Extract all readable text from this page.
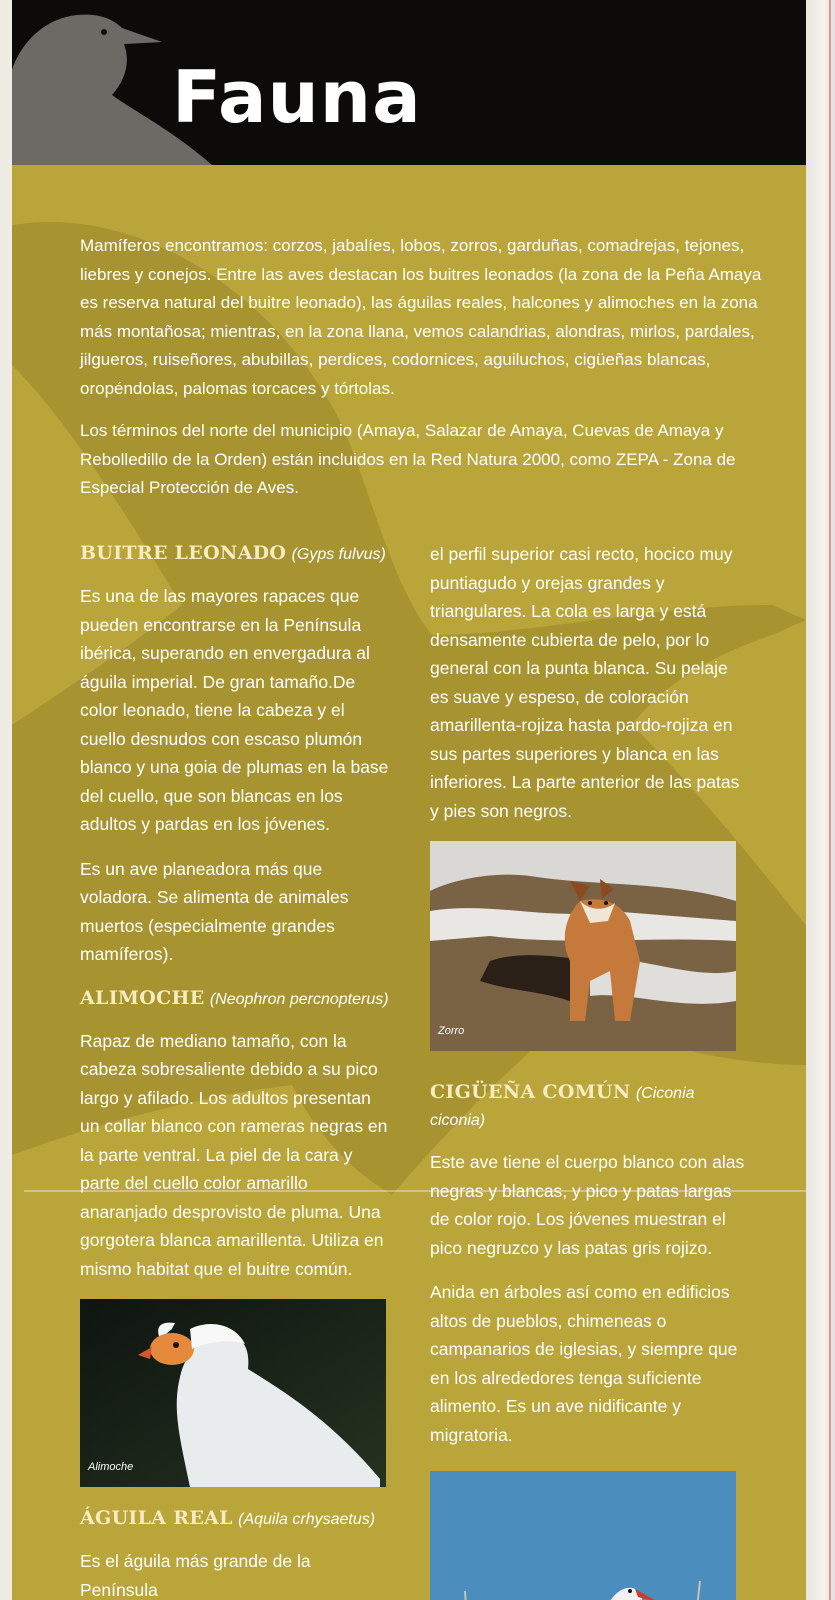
Fauna

Mamíferos encontramos: corzos, jabalíes, lobos, zorros, garduñas, comadrejas, tejones, liebres y conejos. Entre las aves destacan los buitres leonados (la zona de la Peña Amaya es reserva natural del buitre leonado), las águilas reales, halcones y alimoches en la zona más montañosa; mientras, en la zona llana, vemos calandrias, alondras, mirlos, pardales, jilgueros, ruiseñores, abubillas, perdices, codornices, aguiluchos, cigüeñas blancas, oropéndolas, palomas torcaces y tórtolas.

Los términos del norte del municipio (Amaya, Salazar de Amaya, Cuevas de Amaya y Rebolledillo de la Orden) están incluidos en la Red Natura 2000, como ZEPA - Zona de Especial Protección de Aves.

BUITRE LEONADO (Gyps fulvus)

Es una de las mayores rapaces que pueden encontrarse en la Península ibérica, superando en envergadura al águila imperial. De gran tamaño.De color leonado, tiene la cabeza y el cuello desnudos con escaso plumón blanco y una goia de plumas en la base del cuello, que son blancas en los adultos y pardas en los jóvenes.

Es un ave planeadora más que voladora. Se alimenta de animales muertos (especialmente grandes mamíferos).

ALIMOCHE (Neophron percnopterus)

Rapaz de mediano tamaño, con la cabeza sobresaliente debido a su pico largo y afilado. Los adultos presentan un collar blanco con rameras negras en la parte ventral. La piel de la cara y parte del cuello color amarillo anaranjado desprovisto de pluma. Una gorgotera blanca amarillenta. Utiliza en mismo habitat que el buitre común.

Alimoche
ÁGUILA REAL (Aquila crhysaetus)

Es el águila más grande de la Península

el perfil superior casi recto, hocico muy puntiagudo y orejas grandes y triangulares. La cola es larga y está densamente cubierta de pelo, por lo general con la punta blanca. Su pelaje es suave y espeso, de coloración amarillenta-rojiza hasta pardo-rojiza en sus partes superiores y blanca en las inferiores. La parte anterior de las patas y pies son negros.

Zorro
CIGÜEÑA COMÚN (Ciconia ciconia)

Este ave tiene el cuerpo blanco con alas negras y blancas, y pico y patas largas de color rojo. Los jóvenes muestran el pico negruzco y las patas gris rojizo.

Anida en árboles así como en edificios altos de pueblos, chimeneas o campanarios de iglesias, y siempre que en los alrededores tenga suficiente alimento. Es un ave nidificante y migratoria.
